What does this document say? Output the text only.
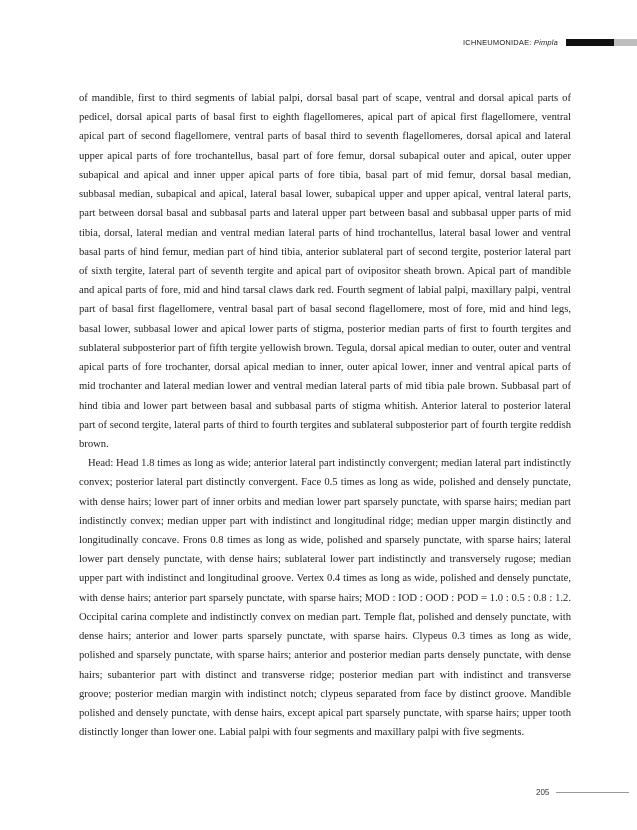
ICHNEUMONIDAE: Pimpla

of mandible, first to third segments of labial palpi, dorsal basal part of scape, ventral and dorsal apical parts of pedicel, dorsal apical parts of basal first to eighth flagellomeres, apical part of apical first flagellomere, ventral apical part of second flagellomere, ventral parts of basal third to seventh flagellomeres, dorsal apical and lateral upper apical parts of fore trochantellus, basal part of fore femur, dorsal subapical outer and apical, outer upper subapical and apical and inner upper apical parts of fore tibia, basal part of mid femur, dorsal basal median, subbasal median, subapical and apical, lateral basal lower, subapical upper and upper apical, ventral lateral parts, part between dorsal basal and subbasal parts and lateral upper part between basal and subbasal upper parts of mid tibia, dorsal, lateral median and ventral median lateral parts of hind trochantellus, lateral basal lower and ventral basal parts of hind femur, median part of hind tibia, anterior sublateral part of second tergite, posterior lateral part of sixth tergite, lateral part of seventh tergite and apical part of ovipositor sheath brown. Apical part of mandible and apical parts of fore, mid and hind tarsal claws dark red. Fourth segment of labial palpi, maxillary palpi, ventral part of basal first flagellomere, ventral basal part of basal second flagellomere, most of fore, mid and hind legs, basal lower, subbasal lower and apical lower parts of stigma, posterior median parts of first to fourth tergites and sublateral subposterior part of fifth tergite yellowish brown. Tegula, dorsal apical median to outer, outer and ventral apical parts of fore trochanter, dorsal apical median to inner, outer apical lower, inner and ventral apical parts of mid trochanter and lateral median lower and ventral median lateral parts of mid tibia pale brown. Subbasal part of hind tibia and lower part between basal and subbasal parts of stigma whitish. Anterior lateral to posterior lateral part of second tergite, lateral parts of third to fourth tergites and sublateral subposterior part of fourth tergite reddish brown.

Head: Head 1.8 times as long as wide; anterior lateral part indistinctly convergent; median lateral part indistinctly convex; posterior lateral part distinctly convergent. Face 0.5 times as long as wide, polished and densely punctate, with dense hairs; lower part of inner orbits and median lower part sparsely punctate, with sparse hairs; median part indistinctly convex; median upper part with indistinct and longitudinal ridge; median upper margin distinctly and longitudinally concave. Frons 0.8 times as long as wide, polished and sparsely punctate, with sparse hairs; lateral lower part densely punctate, with dense hairs; sublateral lower part indistinctly and transversely rugose; median upper part with indistinct and longitudinal groove. Vertex 0.4 times as long as wide, polished and densely punctate, with dense hairs; anterior part sparsely punctate, with sparse hairs; MOD : IOD : OOD : POD = 1.0 : 0.5 : 0.8 : 1.2. Occipital carina complete and indistinctly convex on median part. Temple flat, polished and densely punctate, with dense hairs; anterior and lower parts sparsely punctate, with sparse hairs. Clypeus 0.3 times as long as wide, polished and sparsely punctate, with sparse hairs; anterior and posterior median parts densely punctate, with dense hairs; subanterior part with distinct and transverse ridge; posterior median part with indistinct and transverse groove; posterior median margin with indistinct notch; clypeus separated from face by distinct groove. Mandible polished and densely punctate, with dense hairs, except apical part sparsely punctate, with sparse hairs; upper tooth distinctly longer than lower one. Labial palpi with four segments and maxillary palpi with five segments.

205
